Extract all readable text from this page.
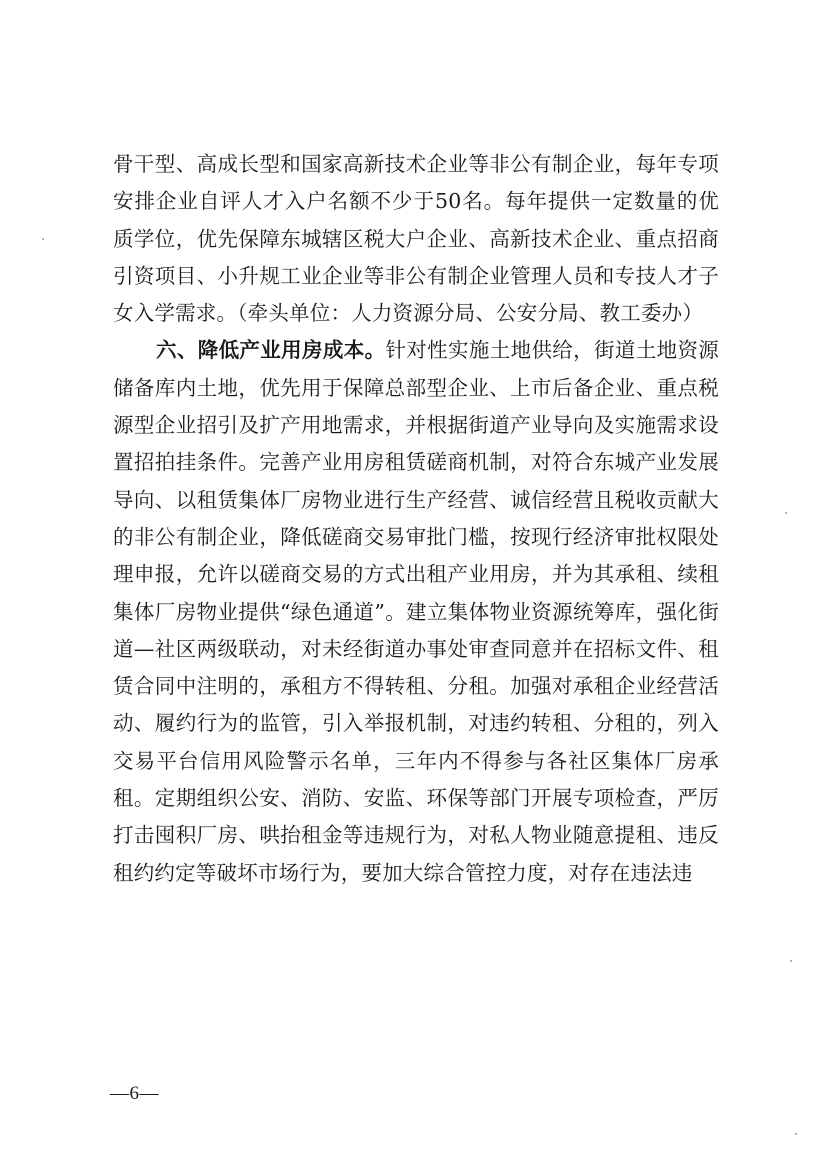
骨干型、高成长型和国家高新技术企业等非公有制企业，每年专项安排企业自评人才入户名额不少于50名。每年提供一定数量的优质学位，优先保障东城辖区税大户企业、高新技术企业、重点招商引资项目、小升规工业企业等非公有制企业管理人员和专技人才子女入学需求。（牵头单位：人力资源分局、公安分局、教工委办）

六、降低产业用房成本。针对性实施土地供给，街道土地资源储备库内土地，优先用于保障总部型企业、上市后备企业、重点税源型企业招引及扩产用地需求，并根据街道产业导向及实施需求设置招拍挂条件。完善产业用房租赁磋商机制，对符合东城产业发展导向、以租赁集体厂房物业进行生产经营、诚信经营且税收贡献大的非公有制企业，降低磋商交易审批门槛，按现行经济审批权限处理申报，允许以磋商交易的方式出租产业用房，并为其承租、续租集体厂房物业提供“绿色通道”。建立集体物业资源统筹库，强化街道—社区两级联动，对未经街道办事处审查同意并在招标文件、租赁合同中注明的，承租方不得转租、分租。加强对承租企业经营活动、履约行为的监管，引入举报机制，对违约转租、分租的，列入交易平台信用风险警示名单，三年内不得参与各社区集体厂房承租。定期组织公安、消防、安监、环保等部门开展专项检查，严厉打击囤积厂房、哄抬租金等违规行为，对私人物业随意提租、违反租约约定等破坏市场行为，要加大综合管控力度，对存在违法违

—6—
